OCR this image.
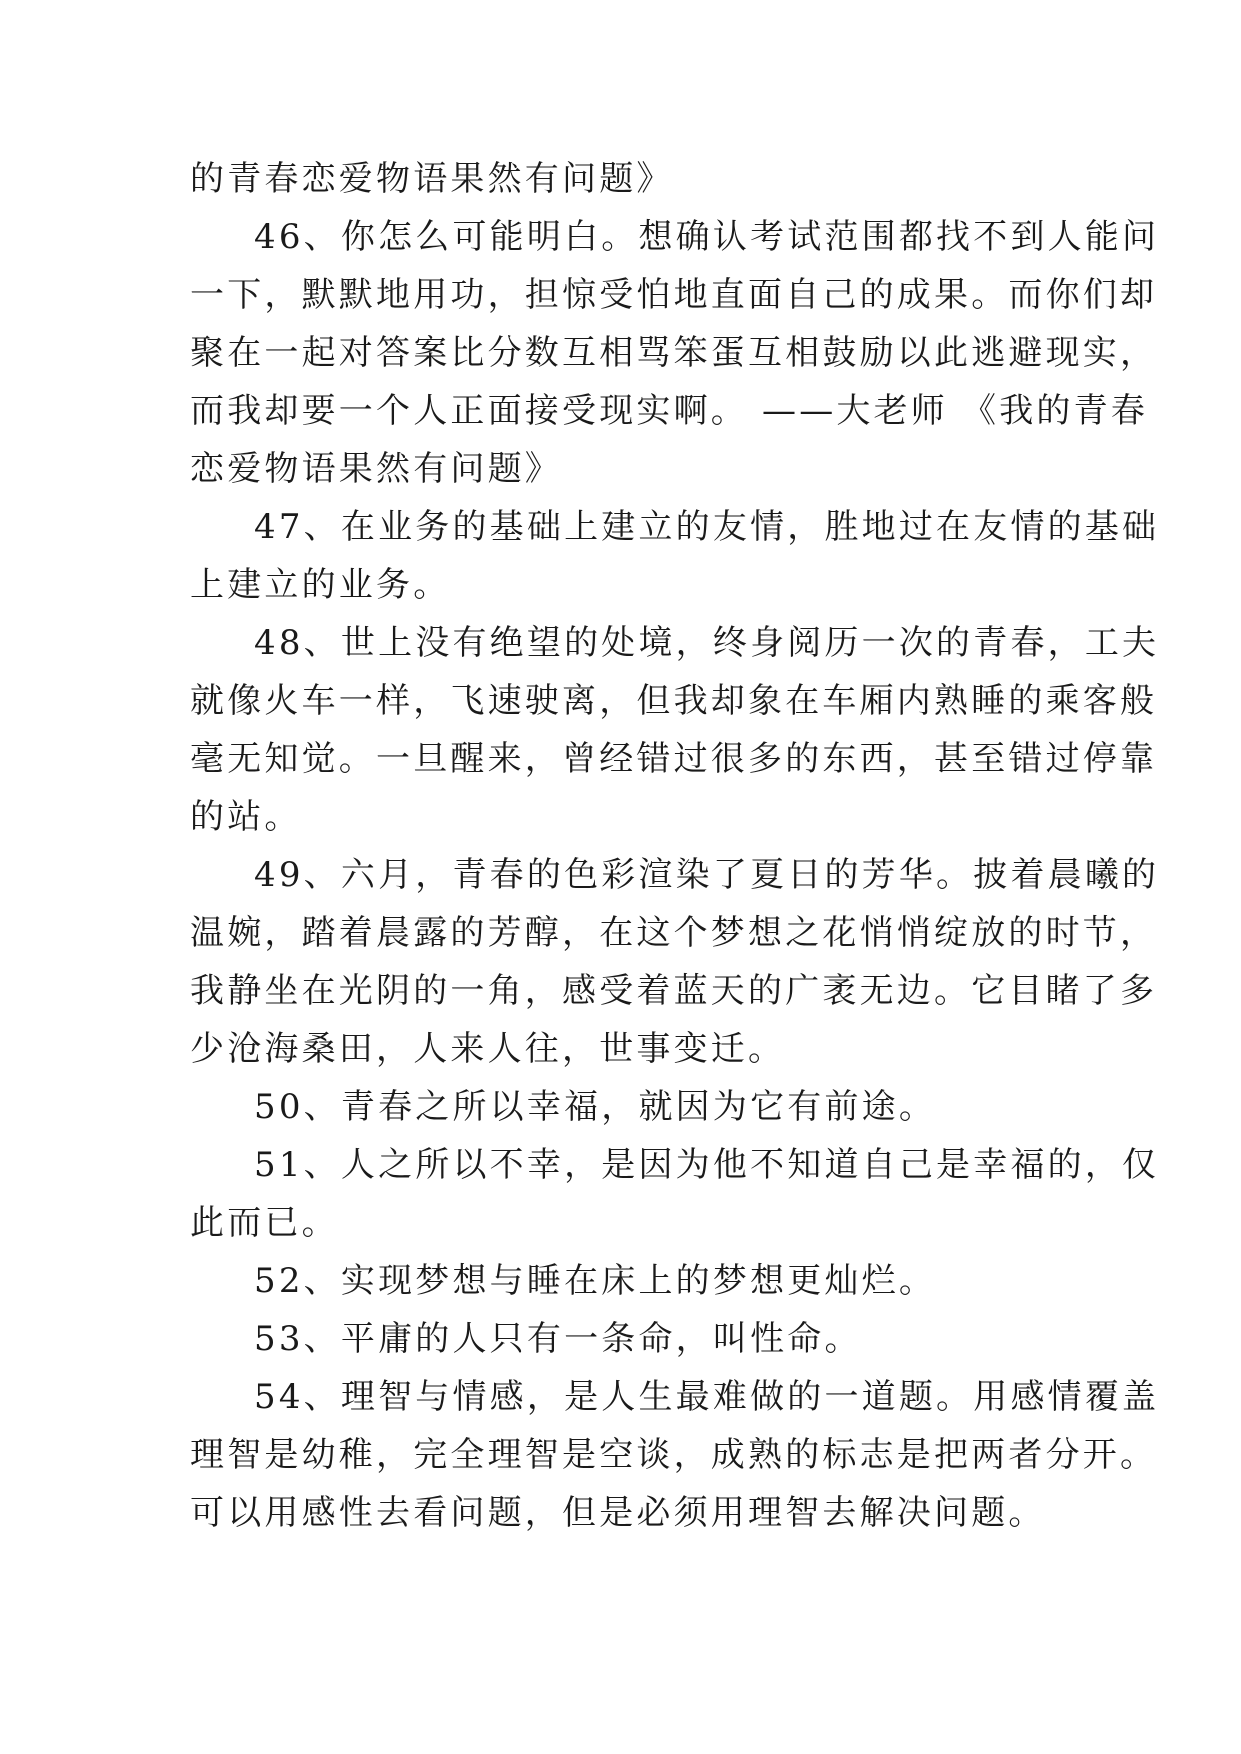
的青春恋爱物语果然有问题》
46、你怎么可能明白。想确认考试范围都找不到人能问
一下，默默地用功，担惊受怕地直面自己的成果。而你们却
聚在一起对答案比分数互相骂笨蛋互相鼓励以此逃避现实，
而我却要一个人正面接受现实啊。 ——大老师 《我的青春
恋爱物语果然有问题》
47、在业务的基础上建立的友情，胜地过在友情的基础
上建立的业务。
48、世上没有绝望的处境，终身阅历一次的青春，工夫
就像火车一样，飞速驶离，但我却象在车厢内熟睡的乘客般
毫无知觉。一旦醒来，曾经错过很多的东西，甚至错过停靠
的站。
49、六月，青春的色彩渲染了夏日的芳华。披着晨曦的
温婉，踏着晨露的芳醇，在这个梦想之花悄悄绽放的时节，
我静坐在光阴的一角，感受着蓝天的广袤无边。它目睹了多
少沧海桑田，人来人往，世事变迁。
50、青春之所以幸福，就因为它有前途。
51、人之所以不幸，是因为他不知道自己是幸福的，仅
此而已。
52、实现梦想与睡在床上的梦想更灿烂。
53、平庸的人只有一条命，叫性命。
54、理智与情感，是人生最难做的一道题。用感情覆盖
理智是幼稚，完全理智是空谈，成熟的标志是把两者分开。
可以用感性去看问题，但是必须用理智去解决问题。
